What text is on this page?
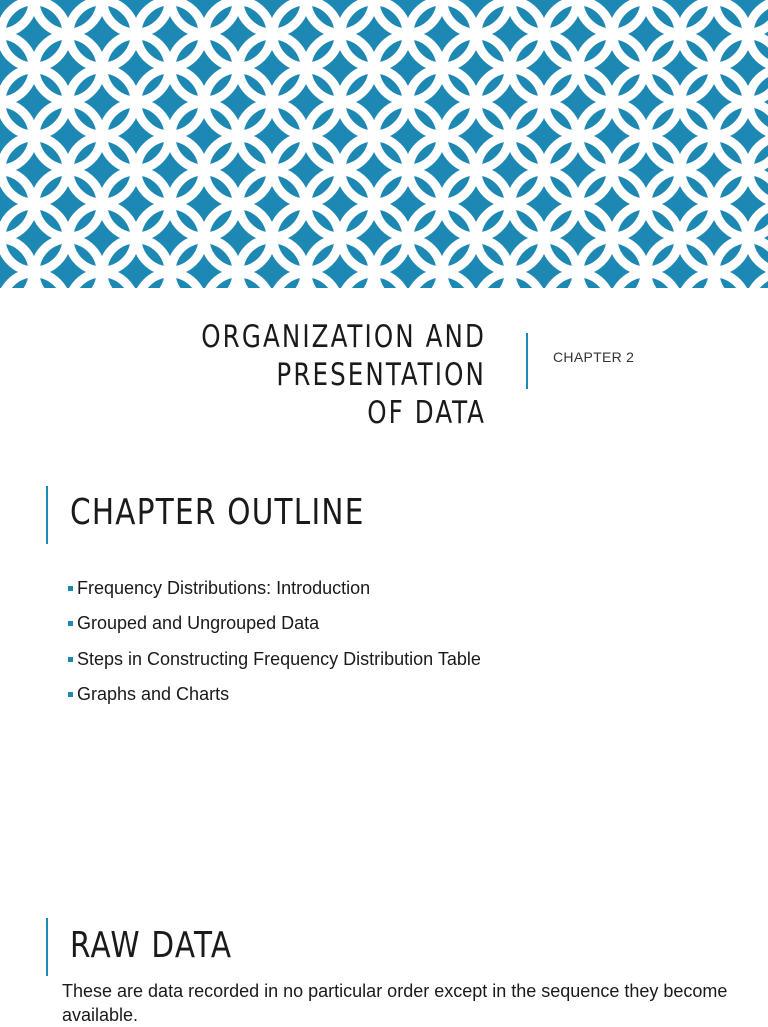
ORGANIZATION AND PRESENTATION
OF DATA
CHAPTER 2
CHAPTER OUTLINE
Frequency Distributions: Introduction
Grouped and Ungrouped Data
Steps in Constructing Frequency Distribution Table
Graphs and Charts
RAW DATA
These are data recorded in no particular order except in the sequence they become available.
